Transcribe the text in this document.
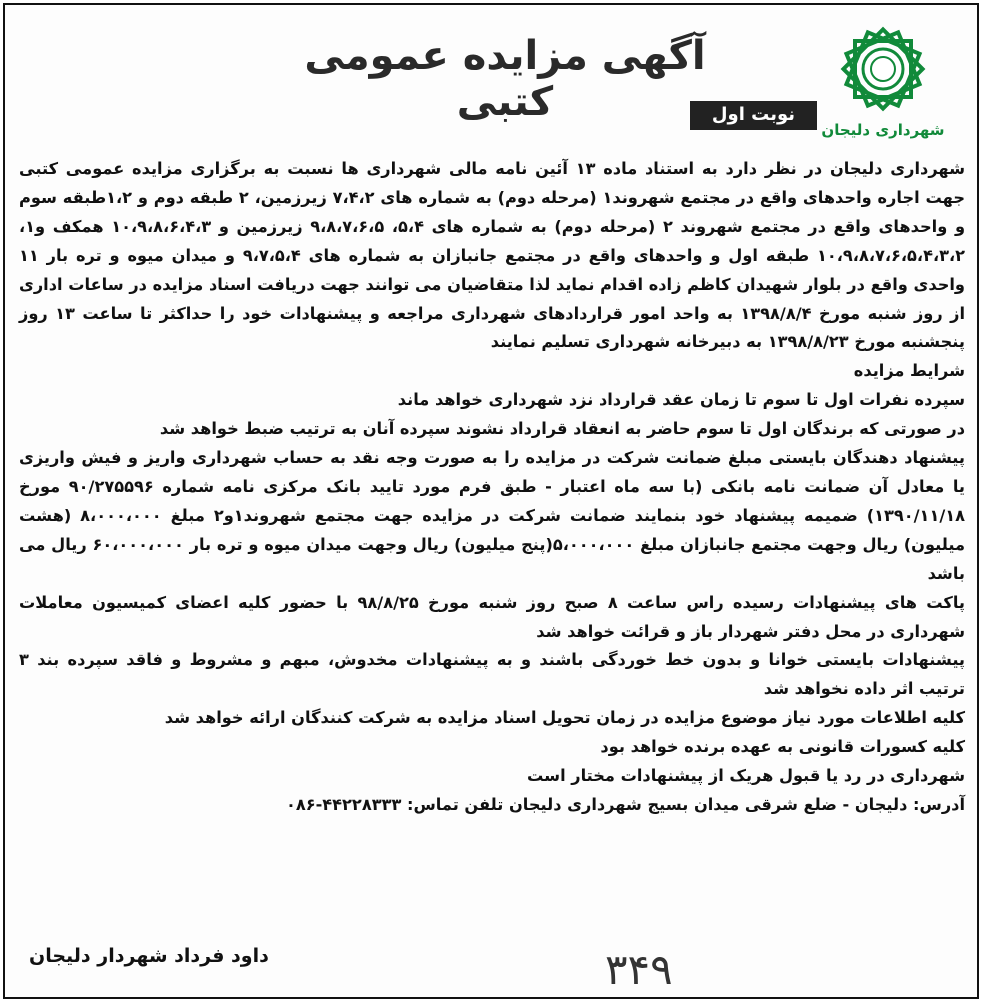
آگهی مزایده عمومی کتبی
شهرداری دلیجان
نوبت اول

شهرداری دلیجان در نظر دارد به استناد ماده ۱۳ آئین نامه مالی شهرداری ها نسبت به برگزاری مزایده عمومی کتبی جهت اجاره واحدهای واقع در مجتمع شهروند۱ (مرحله دوم) به شماره های ۷،۴،۲ زیرزمین، ۲ طبقه دوم و ۱،۲طبقه سوم و واحدهای واقع در مجتمع شهروند ۲ (مرحله دوم) به شماره های ۵،۴، ۹،۸،۷،۶،۵ زیرزمین و ۱۰،۹،۸،۶،۴،۳ همکف و۱، ۱۰،۹،۸،۷،۶،۵،۴،۳،۲ طبقه اول و واحدهای واقع در مجتمع جانبازان به شماره های ۹،۷،۵،۴ و میدان میوه و تره بار ۱۱ واحدی واقع در بلوار شهیدان کاظم زاده اقدام نماید لذا متقاضیان می توانند جهت دریافت اسناد مزایده در ساعات اداری از روز شنبه مورخ ۱۳۹۸/۸/۴ به واحد امور قراردادهای شهرداری مراجعه و پیشنهادات خود را حداکثر تا ساعت ۱۳ روز پنجشنبه مورخ ۱۳۹۸/۸/۲۳ به دبیرخانه شهرداری تسلیم نمایند

شرایط مزایده

سپرده نفرات اول تا سوم تا زمان عقد قرارداد نزد شهرداری خواهد ماند

در صورتی که برندگان اول تا سوم حاضر به انعقاد قرارداد نشوند سپرده آنان به ترتیب ضبط خواهد شد

پیشنهاد دهندگان بایستی مبلغ ضمانت شرکت در مزایده را به صورت وجه نقد به حساب شهرداری واریز و فیش واریزی یا معادل آن ضمانت نامه بانکی (با سه ماه اعتبار - طبق فرم مورد تایید بانک مرکزی نامه شماره ۹۰/۲۷۵۵۹۶ مورخ ۱۳۹۰/۱۱/۱۸) ضمیمه پیشنهاد خود بنمایند ضمانت شرکت در مزایده جهت مجتمع شهروند۱و۲ مبلغ ۸،۰۰۰،۰۰۰ (هشت میلیون) ریال وجهت مجتمع جانبازان مبلغ ۵،۰۰۰،۰۰۰(پنج میلیون) ریال وجهت میدان میوه و تره بار ۶۰،۰۰۰،۰۰۰ ریال می باشد

پاکت های پیشنهادات رسیده راس ساعت ۸ صبح روز شنبه مورخ ۹۸/۸/۲۵ با حضور کلیه اعضای کمیسیون معاملات شهرداری در محل دفتر شهردار باز و قرائت خواهد شد

پیشنهادات بایستی خوانا و بدون خط خوردگی باشند و به پیشنهادات مخدوش، مبهم و مشروط و فاقد سپرده بند ۳ ترتیب اثر داده نخواهد شد

کلیه اطلاعات مورد نیاز موضوع مزایده در زمان تحویل اسناد مزایده به شرکت کنندگان ارائه خواهد شد

کلیه کسورات قانونی به عهده برنده خواهد بود

شهرداری در رد یا قبول هریک از پیشنهادات مختار است

آدرس: دلیجان - ضلع شرقی میدان بسیج شهرداری دلیجان تلفن تماس: ۴۴۲۲۸۳۳۳-۰۸۶

۳۴۹
داود فرداد شهردار دلیجان
